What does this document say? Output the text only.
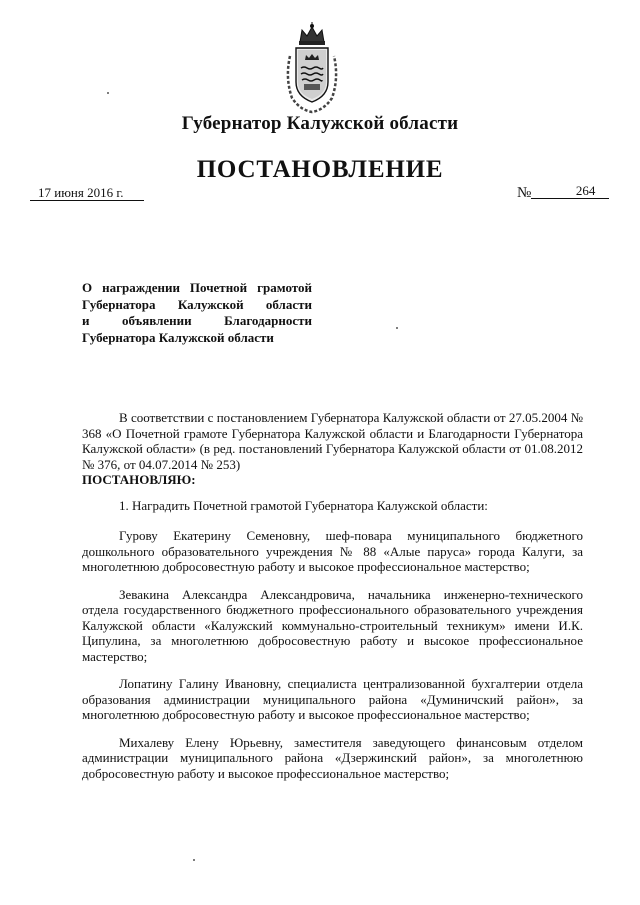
Губернатор Калужской области
ПОСТАНОВЛЕНИЕ
17 июня 2016 г.	№	264
О награждении Почетной грамотой
Губернатора Калужской области
и объявлении Благодарности
Губернатора Калужской области

В соответствии с постановлением Губернатора Калужской области от 27.05.2004 № 368 «О Почетной грамоте Губернатора Калужской области и Благодарности Губернатора Калужской области» (в ред. постановлений Губернатора Калужской области от 01.08.2012 № 376, от 04.07.2014 № 253)
ПОСТАНОВЛЯЮ:

1. Наградить Почетной грамотой Губернатора Калужской области:

Гурову Екатерину Семеновну, шеф-повара муниципального бюджетного дошкольного образовательного учреждения № 88 «Алые паруса» города Калуги, за многолетнюю добросовестную работу и высокое профессиональное мастерство;

Зевакина Александра Александровича, начальника инженерно-технического отдела государственного бюджетного профессионального образовательного учреждения Калужской области «Калужский коммунально-строительный техникум» имени И.К. Ципулина, за многолетнюю добросовестную работу и высокое профессиональное мастерство;

Лопатину Галину Ивановну, специалиста централизованной бухгалтерии отдела образования администрации муниципального района «Думиничский район», за многолетнюю добросовестную работу и высокое профессиональное мастерство;

Михалеву Елену Юрьевну, заместителя заведующего финансовым отделом администрации муниципального района «Дзержинский район», за многолетнюю добросовестную работу и высокое профессиональное мастерство;
